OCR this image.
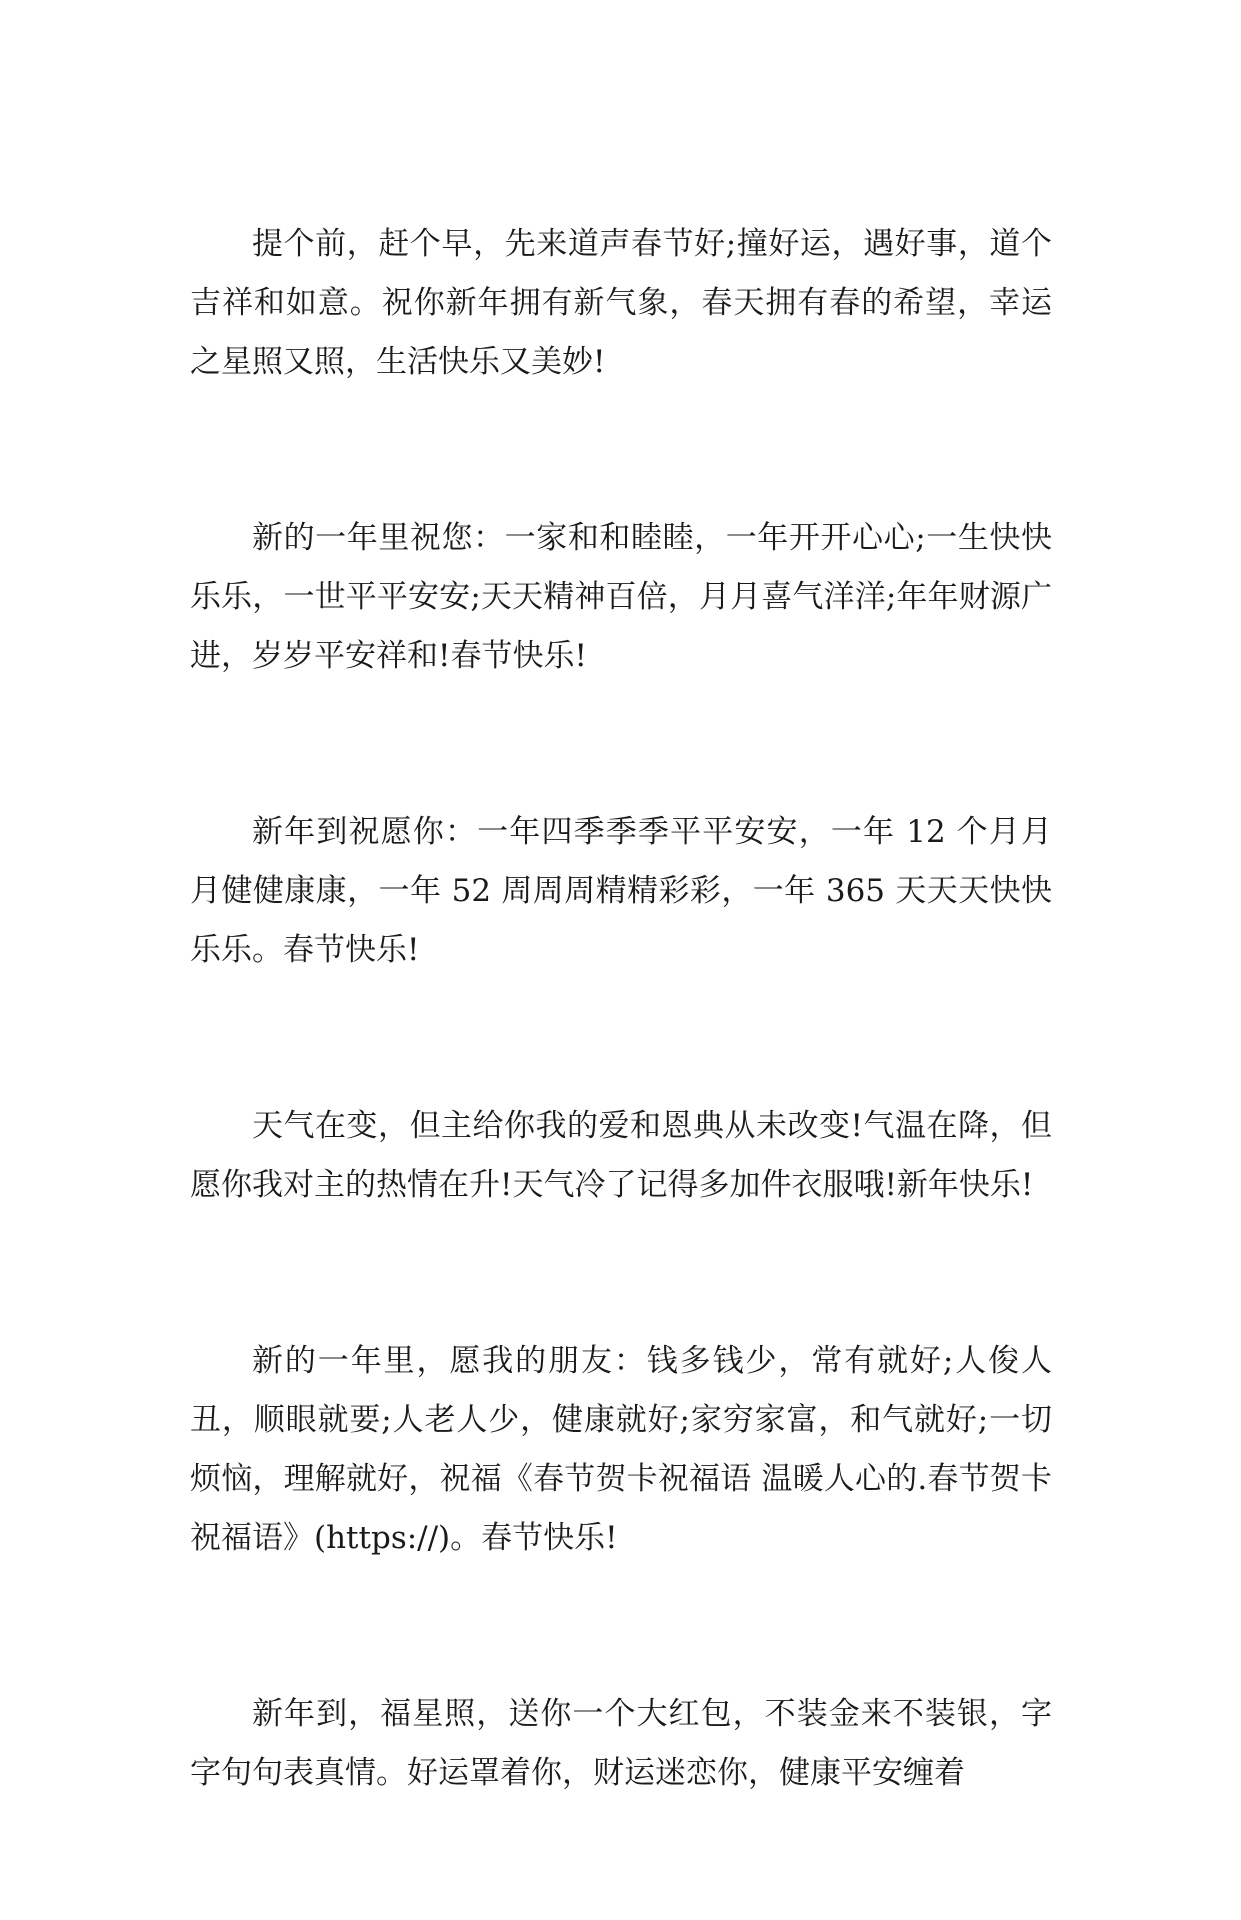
提个前，赶个早，先来道声春节好;撞好运，遇好事，道个吉祥和如意。祝你新年拥有新气象，春天拥有春的希望，幸运之星照又照，生活快乐又美妙!

新的一年里祝您：一家和和睦睦，一年开开心心;一生快快乐乐，一世平平安安;天天精神百倍，月月喜气洋洋;年年财源广进，岁岁平安祥和!春节快乐!

新年到祝愿你：一年四季季季平平安安，一年 12 个月月月健健康康，一年 52 周周周精精彩彩，一年 365 天天天快快乐乐。春节快乐!

天气在变，但主给你我的爱和恩典从未改变!气温在降，但愿你我对主的热情在升!天气冷了记得多加件衣服哦!新年快乐!

新的一年里，愿我的朋友：钱多钱少，常有就好;人俊人丑，顺眼就要;人老人少，健康就好;家穷家富，和气就好;一切烦恼，理解就好，祝福《春节贺卡祝福语 温暖人心的.春节贺卡祝福语》(https://)。春节快乐!

新年到，福星照，送你一个大红包，不装金来不装银，字字句句表真情。好运罩着你，财运迷恋你，健康平安缠着
